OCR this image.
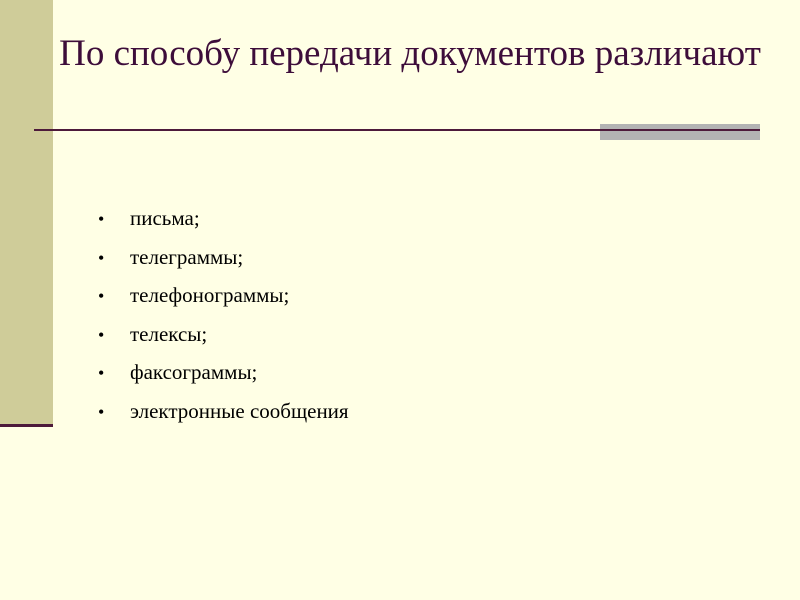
По способу передачи документов различают
• письма;
• телеграммы;
• телефонограммы;
• телексы;
• факсограммы;
• электронные сообщения
